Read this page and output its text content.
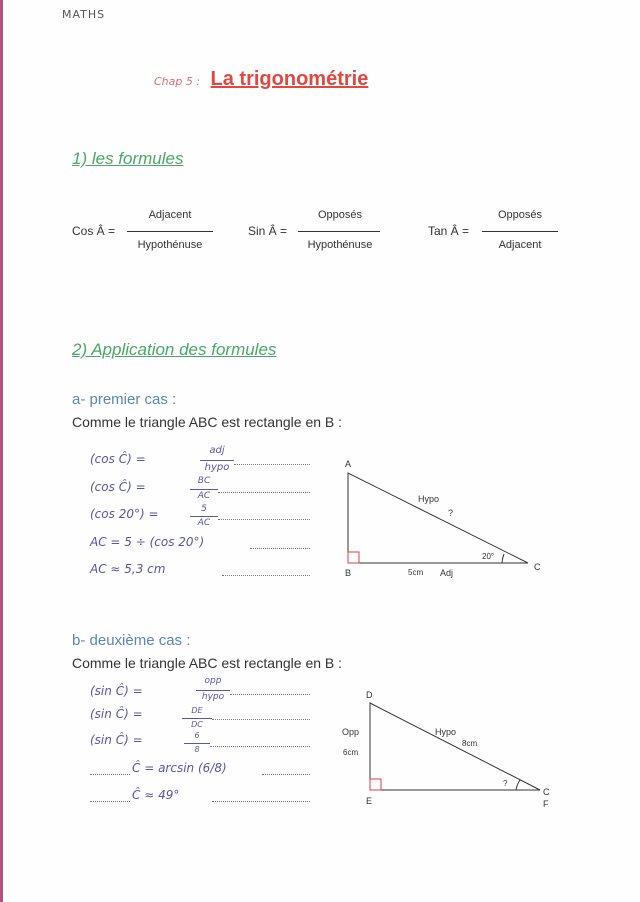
MATHS
Chap 5 : La trigonométrie
1) les formules
Cos Â =
Adjacent
Hypothénuse
Sin Â =
Opposés
Hypothénuse
Tan Â =
Opposés
Adjacent
2) Application des formules
a- premier cas :
Comme le triangle ABC est rectangle en B :
(cos Ĉ) =
adj
hypo
(cos Ĉ) =	BC
AC
(cos 20°) =	5
AC
AC = 5 ÷ (cos 20°)
AC ≈ 5,3 cm
A
B
C
Hypo
?
20°
5cm Adj
b- deuxième cas :
Comme le triangle ABC est rectangle en B :
(sin Ĉ) =
opp
hypo
(sin Ĉ) =	DE
DC
(sin Ĉ) =	6
8
Ĉ = arcsin (6/8)
Ĉ ≈ 49°
D
E
C
F
Opp
6cm
Hypo
8cm
?
